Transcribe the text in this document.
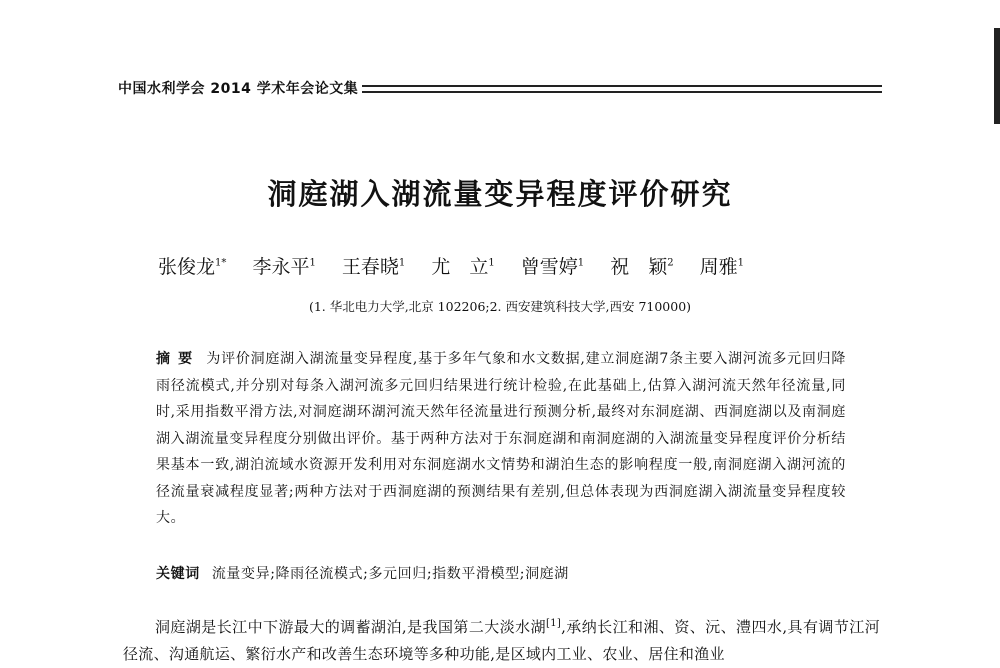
中国水利学会 2014 学术年会论文集
洞庭湖入湖流量变异程度评价研究
张俊龙$^{1*}$ 李永平$^1$ 王春晓$^1$ 尤　立$^1$ 曾雪婷$^1$ 祝　颖$^2$ 周雅$^1$
(1. 华北电力大学,北京 102206;2. 西安建筑科技大学,西安 710000)
摘要 为评价洞庭湖入湖流量变异程度,基于多年气象和水文数据,建立洞庭湖7条主要入湖河流多元回归降雨径流模式,并分别对每条入湖河流多元回归结果进行统计检验,在此基础上,估算入湖河流天然年径流量,同时,采用指数平滑方法,对洞庭湖环湖河流天然年径流量进行预测分析,最终对东洞庭湖、西洞庭湖以及南洞庭湖入湖流量变异程度分别做出评价。基于两种方法对于东洞庭湖和南洞庭湖的入湖流量变异程度评价分析结果基本一致,湖泊流域水资源开发利用对东洞庭湖水文情势和湖泊生态的影响程度一般,南洞庭湖入湖河流的径流量衰减程度显著;两种方法对于西洞庭湖的预测结果有差别,但总体表现为西洞庭湖入湖流量变异程度较大。
关键词 流量变异;降雨径流模式;多元回归;指数平滑模型;洞庭湖
洞庭湖是长江中下游最大的调蓄湖泊,是我国第二大淡水湖[1],承纳长江和湘、资、沅、澧四水,具有调节江河径流、沟通航运、繁衍水产和改善生态环境等多种功能,是区域内工业、农业、居住和渔业
